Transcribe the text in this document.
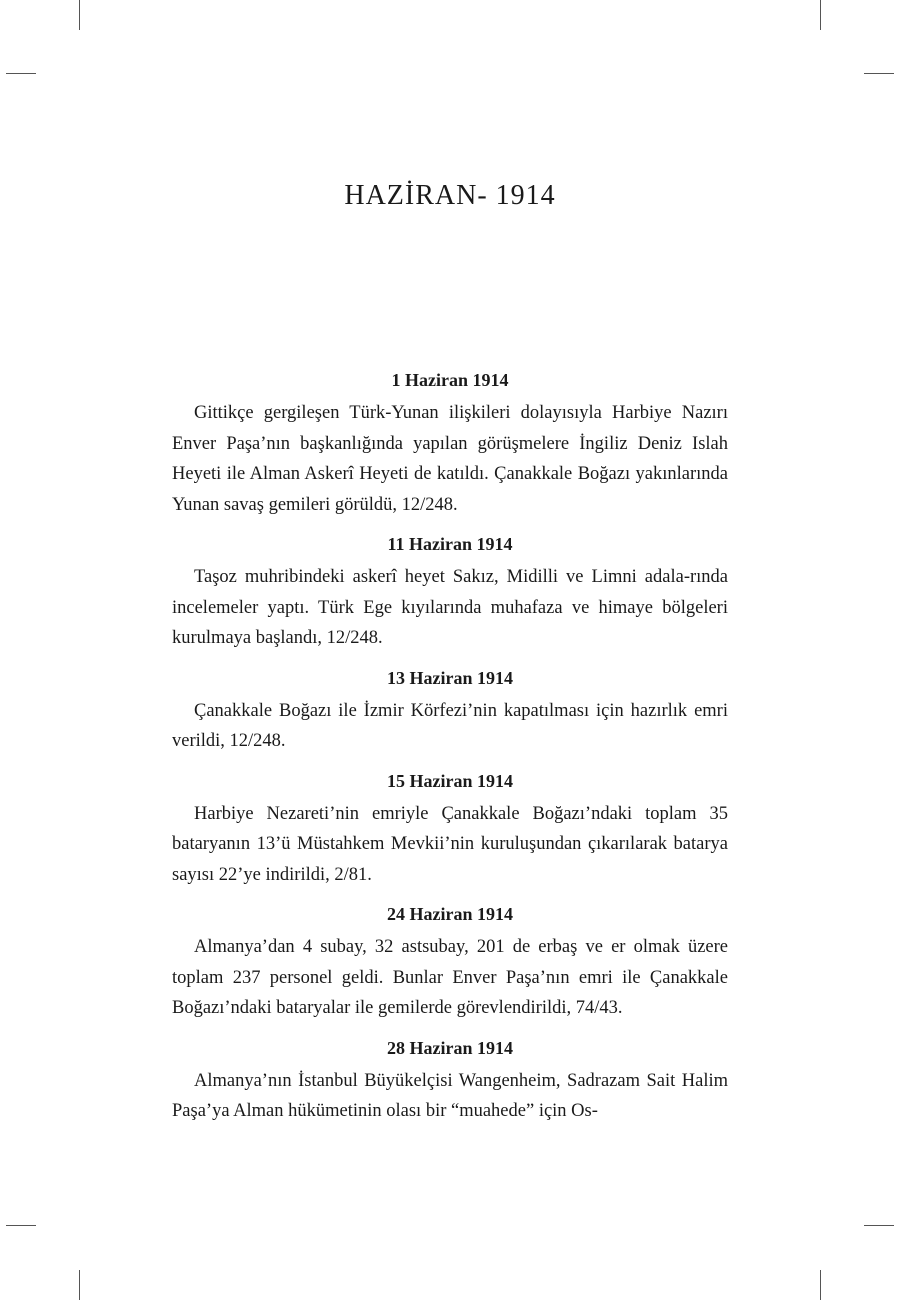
HAZİRAN- 1914

1 Haziran 1914

Gittikçe gergileşen Türk-Yunan ilişkileri dolayısıyla Harbiye Nazırı Enver Paşa’nın başkanlığında yapılan görüşmelere İngiliz Deniz Islah Heyeti ile Alman Askerî Heyeti de katıldı. Çanakkale Boğazı yakınlarında Yunan savaş gemileri görüldü, 12/248.

11 Haziran 1914

Taşoz muhribindeki askerî heyet Sakız, Midilli ve Limni adala-rında incelemeler yaptı. Türk Ege kıyılarında muhafaza ve himaye bölgeleri kurulmaya başlandı, 12/248.

13 Haziran 1914

Çanakkale Boğazı ile İzmir Körfezi’nin kapatılması için hazırlık emri verildi, 12/248.

15 Haziran 1914

Harbiye Nezareti’nin emriyle Çanakkale Boğazı’ndaki toplam 35 bataryanın 13’ü Müstahkem Mevkii’nin kuruluşundan çıkarılarak batarya sayısı 22’ye indirildi, 2/81.

24 Haziran 1914

Almanya’dan 4 subay, 32 astsubay, 201 de erbaş ve er olmak üzere toplam 237 personel geldi. Bunlar Enver Paşa’nın emri ile Çanakkale Boğazı’ndaki bataryalar ile gemilerde görevlendirildi, 74/43.

28 Haziran 1914

Almanya’nın İstanbul Büyükelçisi Wangenheim, Sadrazam Sait Halim Paşa’ya Alman hükümetinin olası bir “muahede” için Os-
